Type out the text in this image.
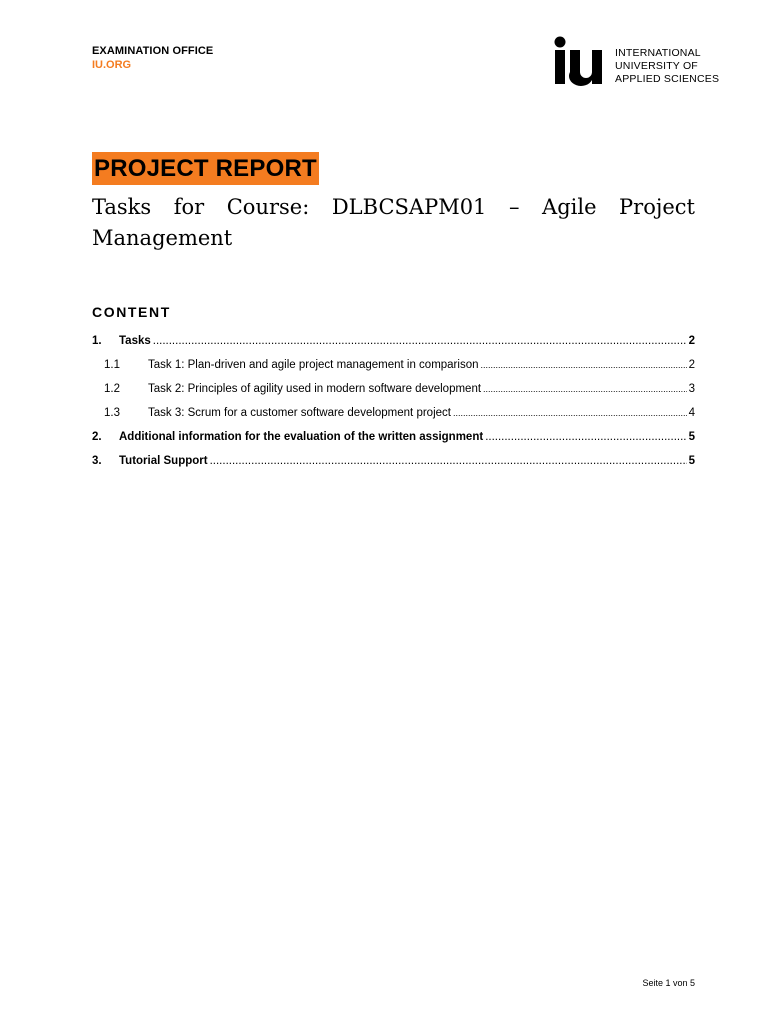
EXAMINATION OFFICE
IU.ORG
INTERNATIONAL
UNIVERSITY OF
APPLIED SCIENCES
PROJECT REPORT
Tasks for Course: DLBCSAPM01 – Agile Project Management
CONTENT
1. Tasks .....	2
1.1 Task 1: Plan-driven and agile project management in comparison .....	2
1.2 Task 2: Principles of agility used in modern software development .....	3
1.3 Task 3: Scrum for a customer software development project .....	4
2. Additional information for the evaluation of the written assignment .....	5
3. Tutorial Support .....	5
Seite 1 von 5
